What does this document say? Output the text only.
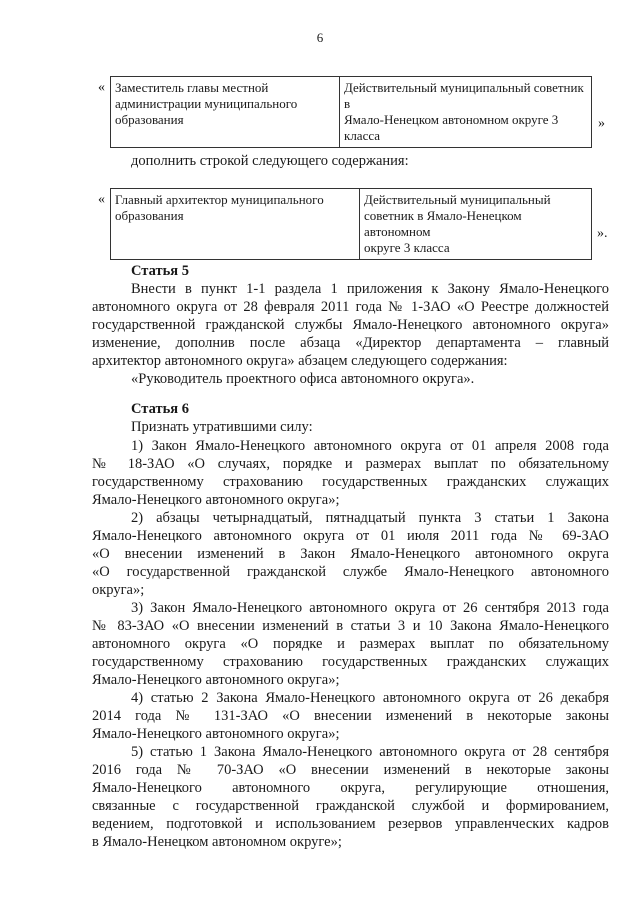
6
« Заместитель главы местной
администрации муниципального
образования

Действительный муниципальный советник в
Ямало-Ненецком автономном округе 3
класса
»
дополнить строкой следующего содержания:
« Главный архитектор муниципального
образования

Действительный муниципальный
советник в Ямало-Ненецком автономном
округе 3 класса
».
Статья 5
Внести в пункт 1-1 раздела 1 приложения к Закону Ямало-Ненецкого
автономного округа от 28 февраля 2011 года № 1-ЗАО «О Реестре должностей
государственной гражданской службы Ямало-Ненецкого автономного округа»
изменение, дополнив после абзаца «Директор департамента – главный
архитектор автономного округа» абзацем следующего содержания:
«Руководитель проектного офиса автономного округа».
Статья 6
Признать утратившими силу:
1) Закон Ямало-Ненецкого автономного округа от 01 апреля 2008 года
№ 18-ЗАО «О случаях, порядке и размерах выплат по обязательному
государственному страхованию государственных гражданских служащих
Ямало-Ненецкого автономного округа»;
2) абзацы четырнадцатый, пятнадцатый пункта 3 статьи 1 Закона
Ямало-Ненецкого автономного округа от 01 июля 2011 года № 69-ЗАО
«О внесении изменений в Закон Ямало-Ненецкого автономного округа
«О государственной гражданской службе Ямало-Ненецкого автономного
округа»;
3) Закон Ямало-Ненецкого автономного округа от 26 сентября 2013 года
№ 83-ЗАО «О внесении изменений в статьи 3 и 10 Закона Ямало-Ненецкого
автономного округа «О порядке и размерах выплат по обязательному
государственному страхованию государственных гражданских служащих
Ямало-Ненецкого автономного округа»;
4) статью 2 Закона Ямало-Ненецкого автономного округа от 26 декабря
2014 года № 131-ЗАО «О внесении изменений в некоторые законы
Ямало-Ненецкого автономного округа»;
5) статью 1 Закона Ямало-Ненецкого автономного округа от 28 сентября
2016 года № 70-ЗАО «О внесении изменений в некоторые законы
Ямало-Ненецкого автономного округа, регулирующие отношения,
связанные с государственной гражданской службой и формированием,
ведением, подготовкой и использованием резервов управленческих кадров
в Ямало-Ненецком автономном округе»;
